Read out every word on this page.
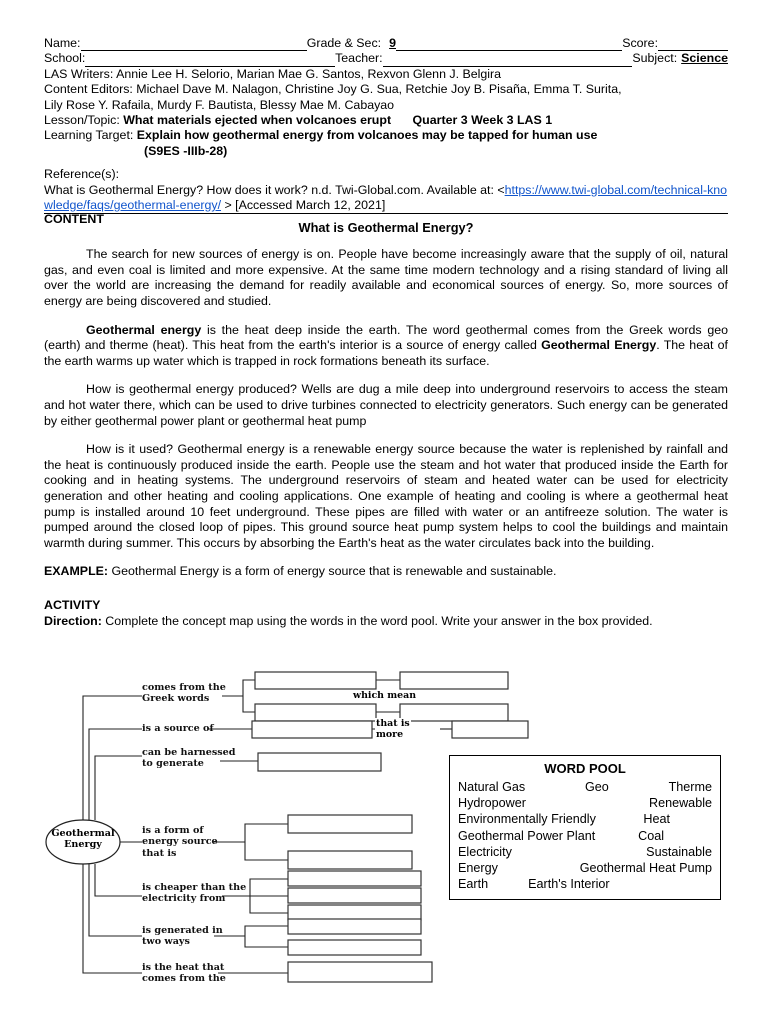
Name:	Grade & Sec: 9	Score:
School:	Teacher:	Subject: Science
LAS Writers: Annie Lee H. Selorio, Marian Mae G. Santos, Rexvon Glenn J. Belgira
Content Editors: Michael Dave M. Nalagon, Christine Joy G. Sua, Retchie Joy B. Pisaña, Emma T. Surita,
Lily Rose Y. Rafaila, Murdy F. Bautista, Blessy Mae M. Cabayao
Lesson/Topic: What materials ejected when volcanoes erupt Quarter 3 Week 3 LAS 1
Learning Target: Explain how geothermal energy from volcanoes may be tapped for human use
(S9ES -IIIb-28)
Reference(s):
What is Geothermal Energy? How does it work? n.d. Twi-Global.com. Available at: <https://www.twi-global.com/technical-knowledge/faqs/geothermal-energy/ > [Accessed March 12, 2021]
CONTENT
What is Geothermal Energy?

The search for new sources of energy is on. People have become increasingly aware that the supply of oil, natural gas, and even coal is limited and more expensive. At the same time modern technology and a rising standard of living all over the world are increasing the demand for readily available and economical sources of energy. So, more sources of energy are being discovered and studied.

Geothermal energy is the heat deep inside the earth. The word geothermal comes from the Greek words geo (earth) and therme (heat). This heat from the earth's interior is a source of energy called Geothermal Energy. The heat of the earth warms up water which is trapped in rock formations beneath its surface.

How is geothermal energy produced? Wells are dug a mile deep into underground reservoirs to access the steam and hot water there, which can be used to drive turbines connected to electricity generators. Such energy can be generated by either geothermal power plant or geothermal heat pump

How is it used? Geothermal energy is a renewable energy source because the water is replenished by rainfall and the heat is continuously produced inside the earth. People use the steam and hot water that produced inside the Earth for cooking and in heating systems. The underground reservoirs of steam and heated water can be used for electricity generation and other heating and cooling applications. One example of heating and cooling is where a geothermal heat pump is installed around 10 feet underground. These pipes are filled with water or an antifreeze solution. The water is pumped around the closed loop of pipes. This ground source heat pump system helps to cool the buildings and maintain warmth during summer. This occurs by absorbing the Earth's heat as the water circulates back into the building.

EXAMPLE: Geothermal Energy is a form of energy source that is renewable and sustainable.

ACTIVITY

Direction: Complete the concept map using the words in the word pool. Write your answer in the box provided.

Geothermal
Energy
comes from the
Greek words
is a source of
can be harnessed
to generate
is a form of
energy source
that is
is cheaper than the
electricity from
is generated in
two ways
is the heat that
comes from the
which mean
that is
more
WORD POOL
Natural Gas	Geo	Therme
Hydropower	Renewable
Environmentally Friendly	Heat
Geothermal Power Plant	Coal
Electricity	Sustainable
Energy	Geothermal Heat Pump
Earth	Earth's Interior
